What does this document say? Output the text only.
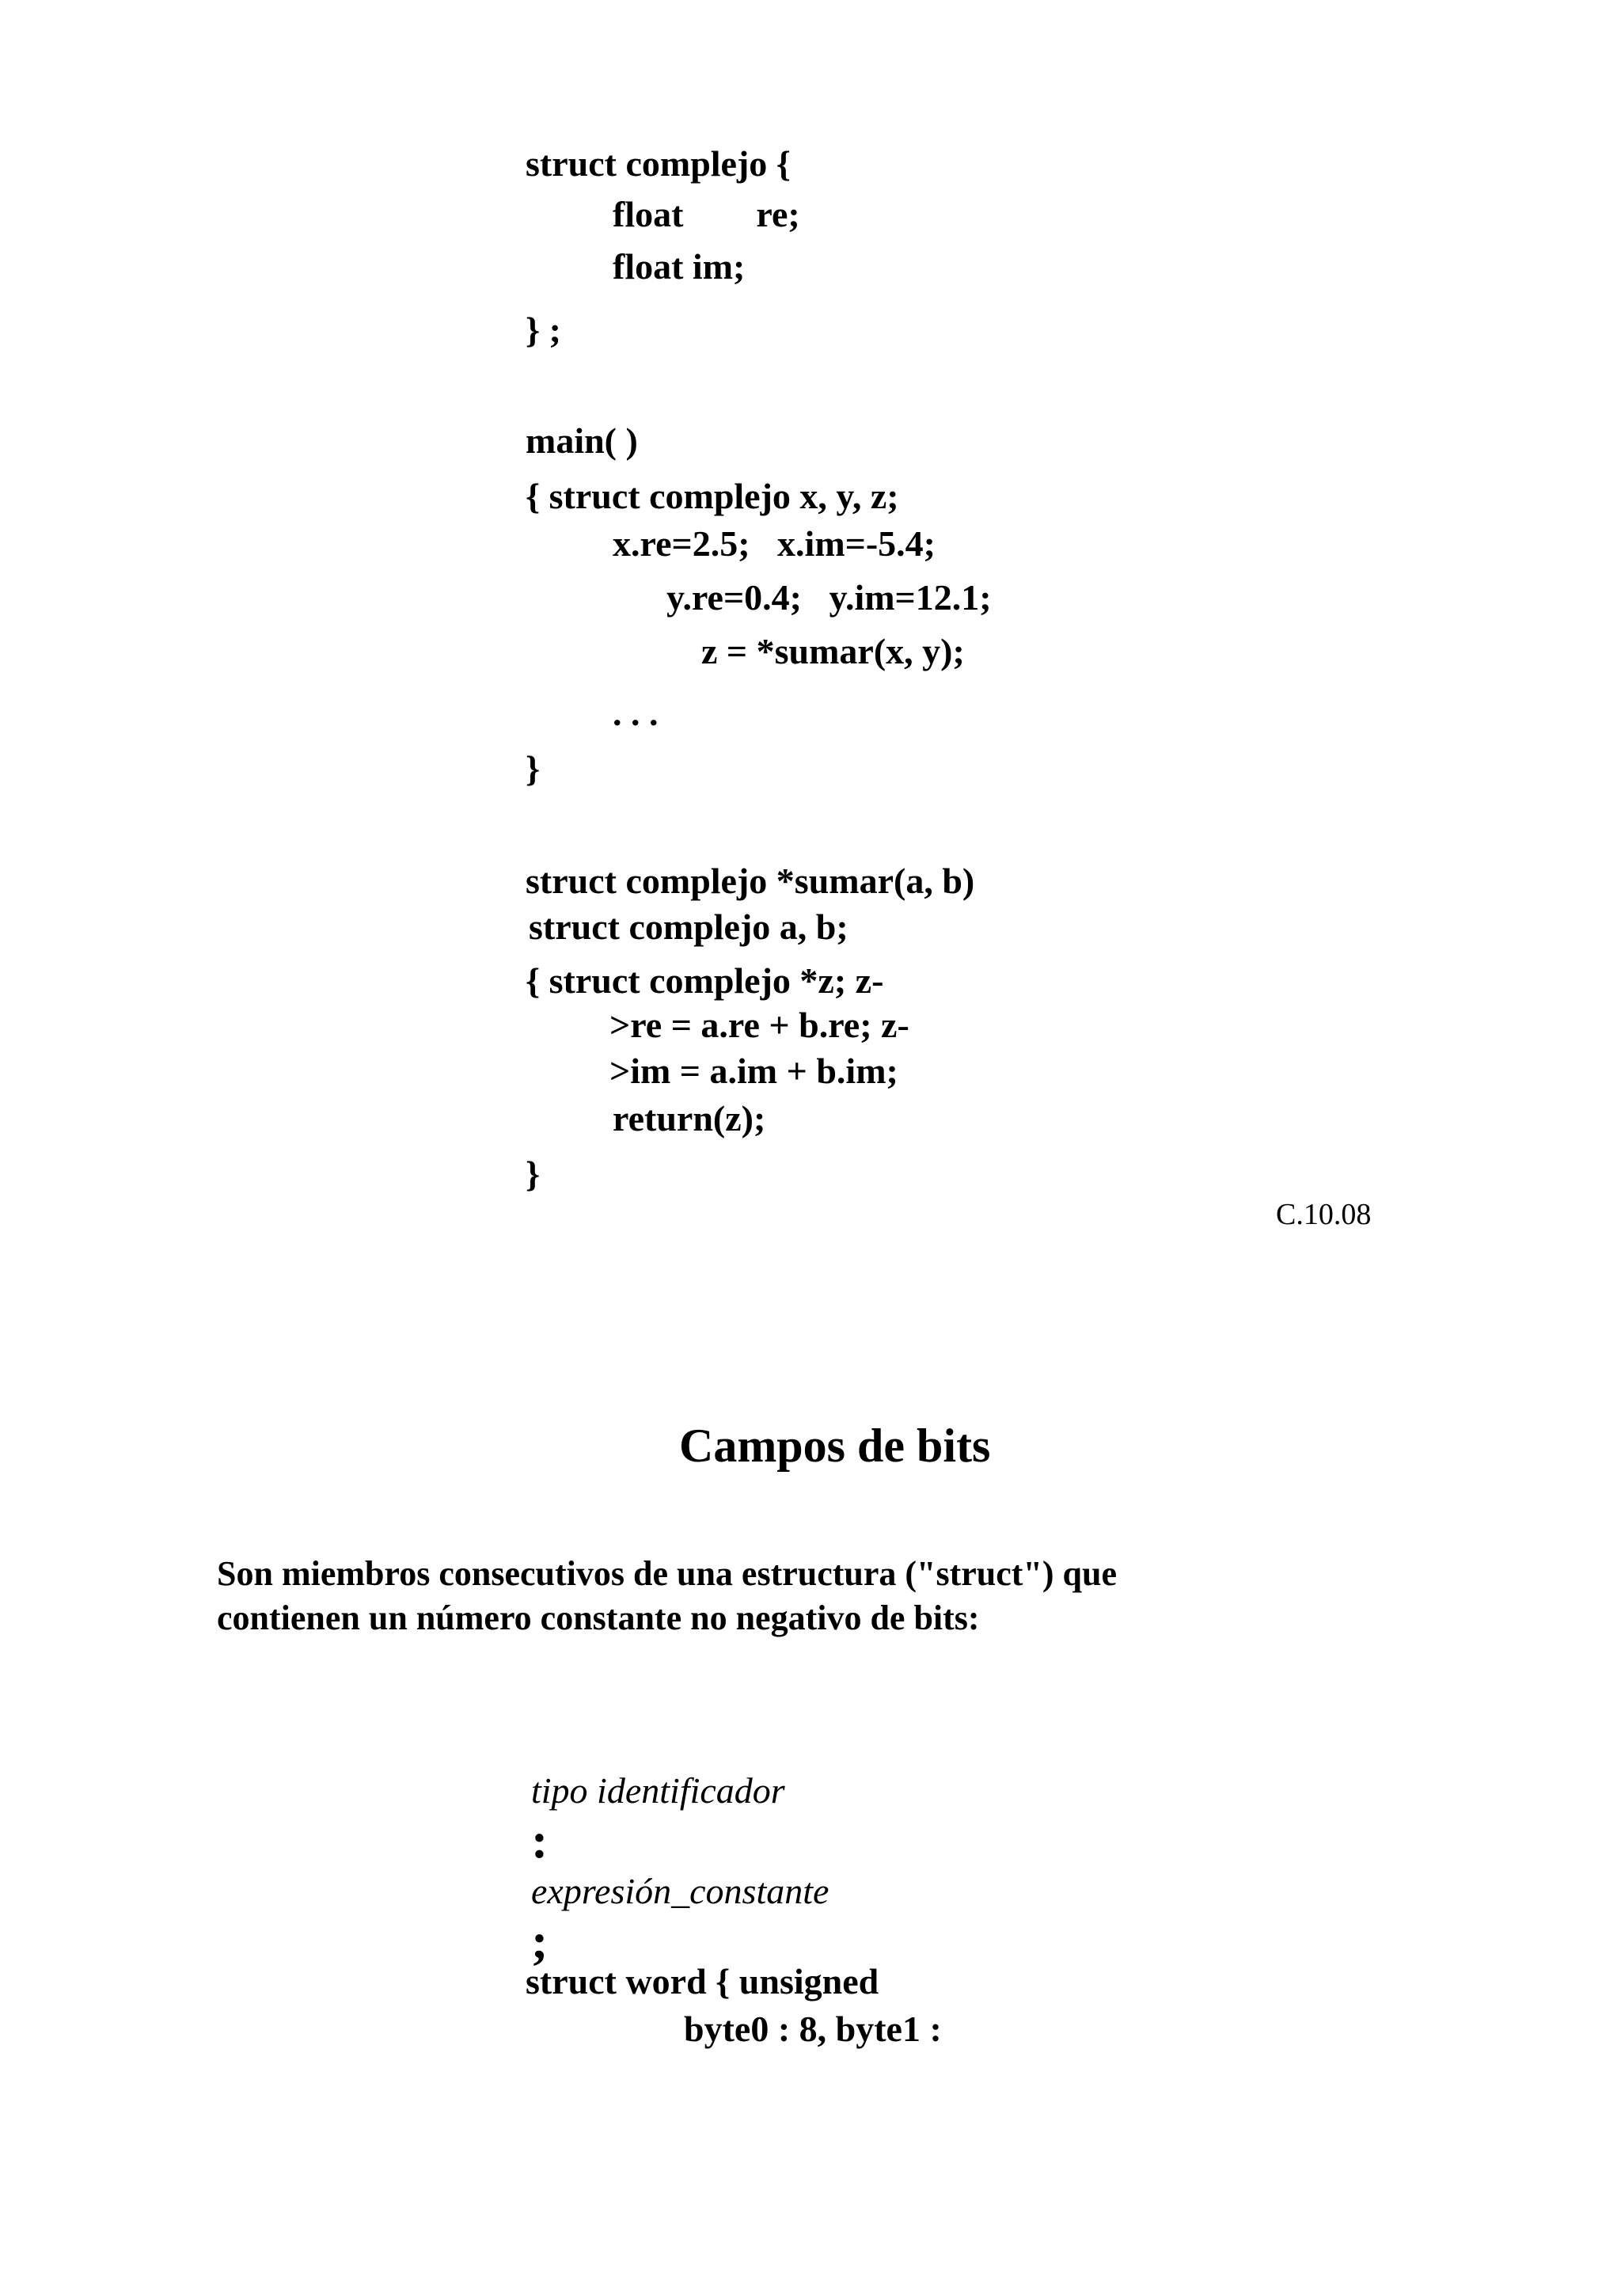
struct complejo {
float        re;
float im;
} ;
main( )
{ struct complejo x, y, z;
x.re=2.5;   x.im=-5.4;
y.re=0.4;   y.im=12.1;
z = *sumar(x, y);
. . .
}
struct complejo *sumar(a, b)
struct complejo a, b;
{ struct complejo *z; z-
>re = a.re + b.re; z-
>im = a.im + b.im;
return(z);
}
C.10.08
Campos de bits
Son miembros consecutivos de una estructura ("struct") que
contienen un número constante no negativo de bits:

tipo identificador
:
expresión_constante
;

struct word { unsigned
byte0 : 8, byte1 :
